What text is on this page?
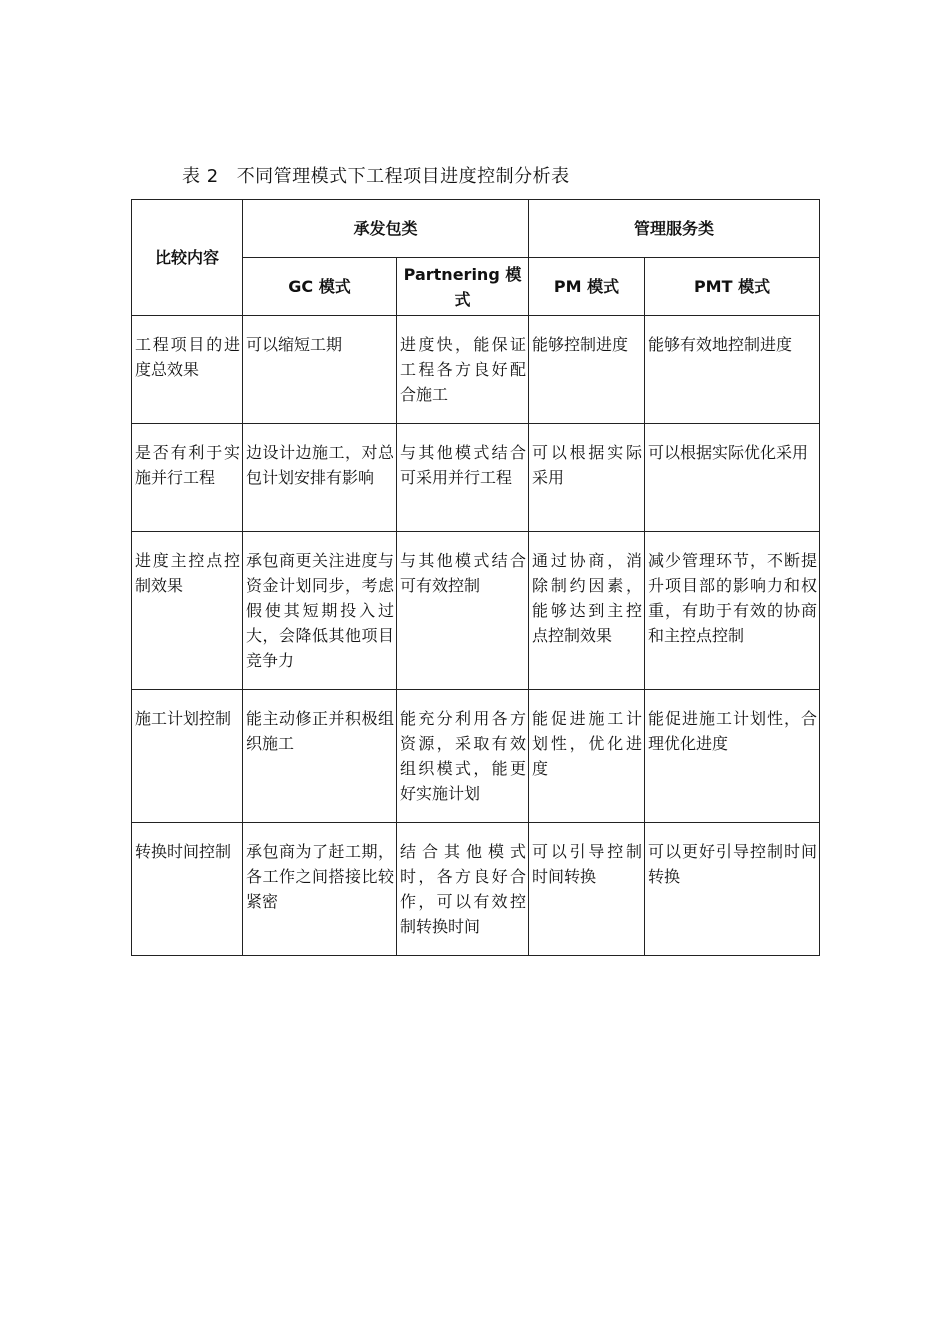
表 2 不同管理模式下工程项目进度控制分析表
比较内容	承发包类		管理服务类	
	GC 模式	Partnering 模式	PM 模式	PMT 模式
工程项目的进度总效果	可以缩短工期	进度快，能保证工程各方良好配合施工	能够控制进度	能够有效地控制进度
是否有利于实施并行工程	边设计边施工，对总包计划安排有影响	与其他模式结合可采用并行工程	可以根据实际采用	可以根据实际优化采用
进度主控点控制效果	承包商更关注进度与资金计划同步，考虑假使其短期投入过大，会降低其他项目竞争力	与其他模式结合可有效控制	通过协商，消除制约因素，能够达到主控点控制效果	减少管理环节，不断提升项目部的影响力和权重，有助于有效的协商和主控点控制
施工计划控制	能主动修正并积极组织施工	能充分利用各方资源，采取有效组织模式，能更好实施计划	能促进施工计划性，优化进度	能促进施工计划性，合理优化进度
转换时间控制	承包商为了赶工期，各工作之间搭接比较紧密	结合其他模式时，各方良好合作，可以有效控制转换时间	可以引导控制时间转换	可以更好引导控制时间转换
